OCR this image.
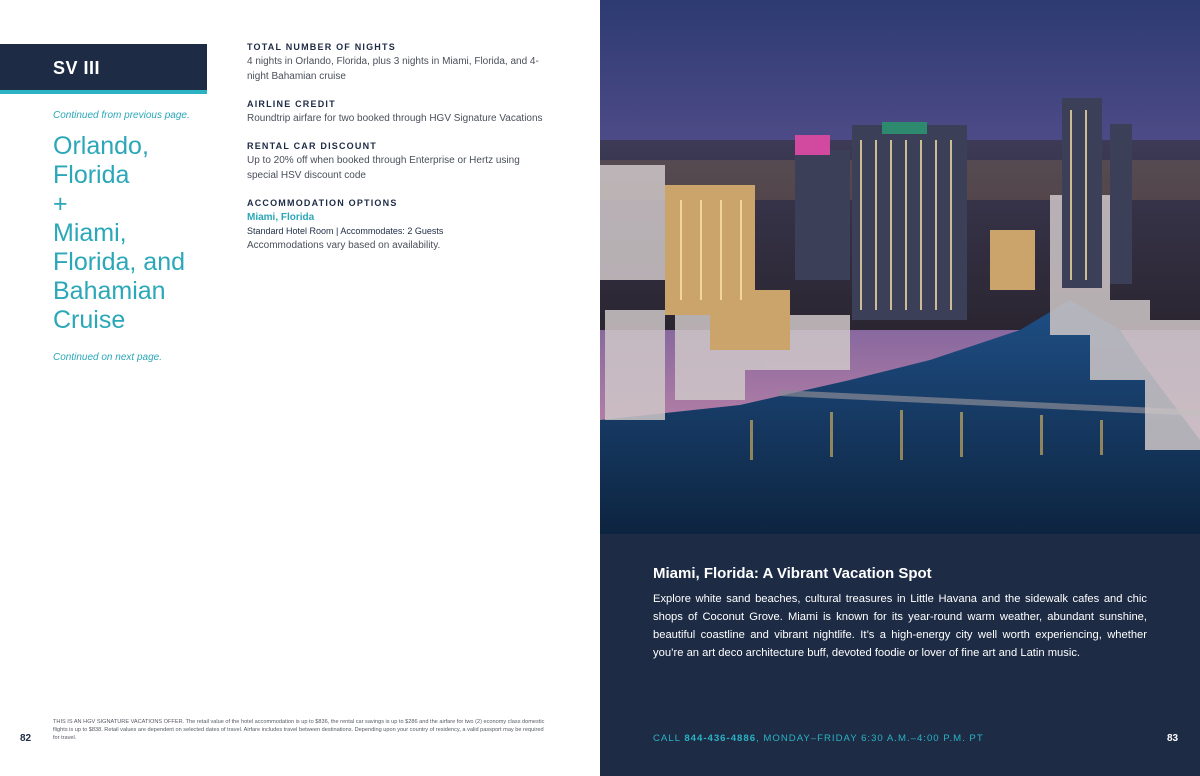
SV III
Continued from previous page.
Orlando,
Florida
+
Miami,
Florida, and
Bahamian
Cruise
Continued on next page.

TOTAL NUMBER OF NIGHTS

4 nights in Orlando, Florida, plus 3 nights in Miami, Florida, and 4-night Bahamian cruise

AIRLINE CREDIT

Roundtrip airfare for two booked through HGV Signature Vacations

RENTAL CAR DISCOUNT

Up to 20% off when booked through Enterprise or Hertz using special HSV discount code

ACCOMMODATION OPTIONS

Miami, Florida
Standard Hotel Room | Accommodates: 2 Guests
Accommodations vary based on availability.
THIS IS AN HGV SIGNATURE VACATIONS OFFER. The retail value of the hotel accommodation is up to $836, the rental car savings is up to $286 and the airfare for two (2) economy class domestic flights is up to $838. Retail values are dependent on selected dates of travel. Airfare includes travel between destinations. Depending upon your country of residency, a valid passport may be required for travel.
82

Miami, Florida: A Vibrant Vacation Spot

Explore white sand beaches, cultural treasures in Little Havana and the sidewalk cafes and chic shops of Coconut Grove. Miami is known for its year-round warm weather, abundant sunshine, beautiful coastline and vibrant nightlife. It’s a high-energy city well worth experiencing, whether you’re an art deco architecture buff, devoted foodie or lover of fine art and Latin music.

CALL 844-436-4886, MONDAY–FRIDAY 6:30 A.M.–4:00 P.M. PT	83
